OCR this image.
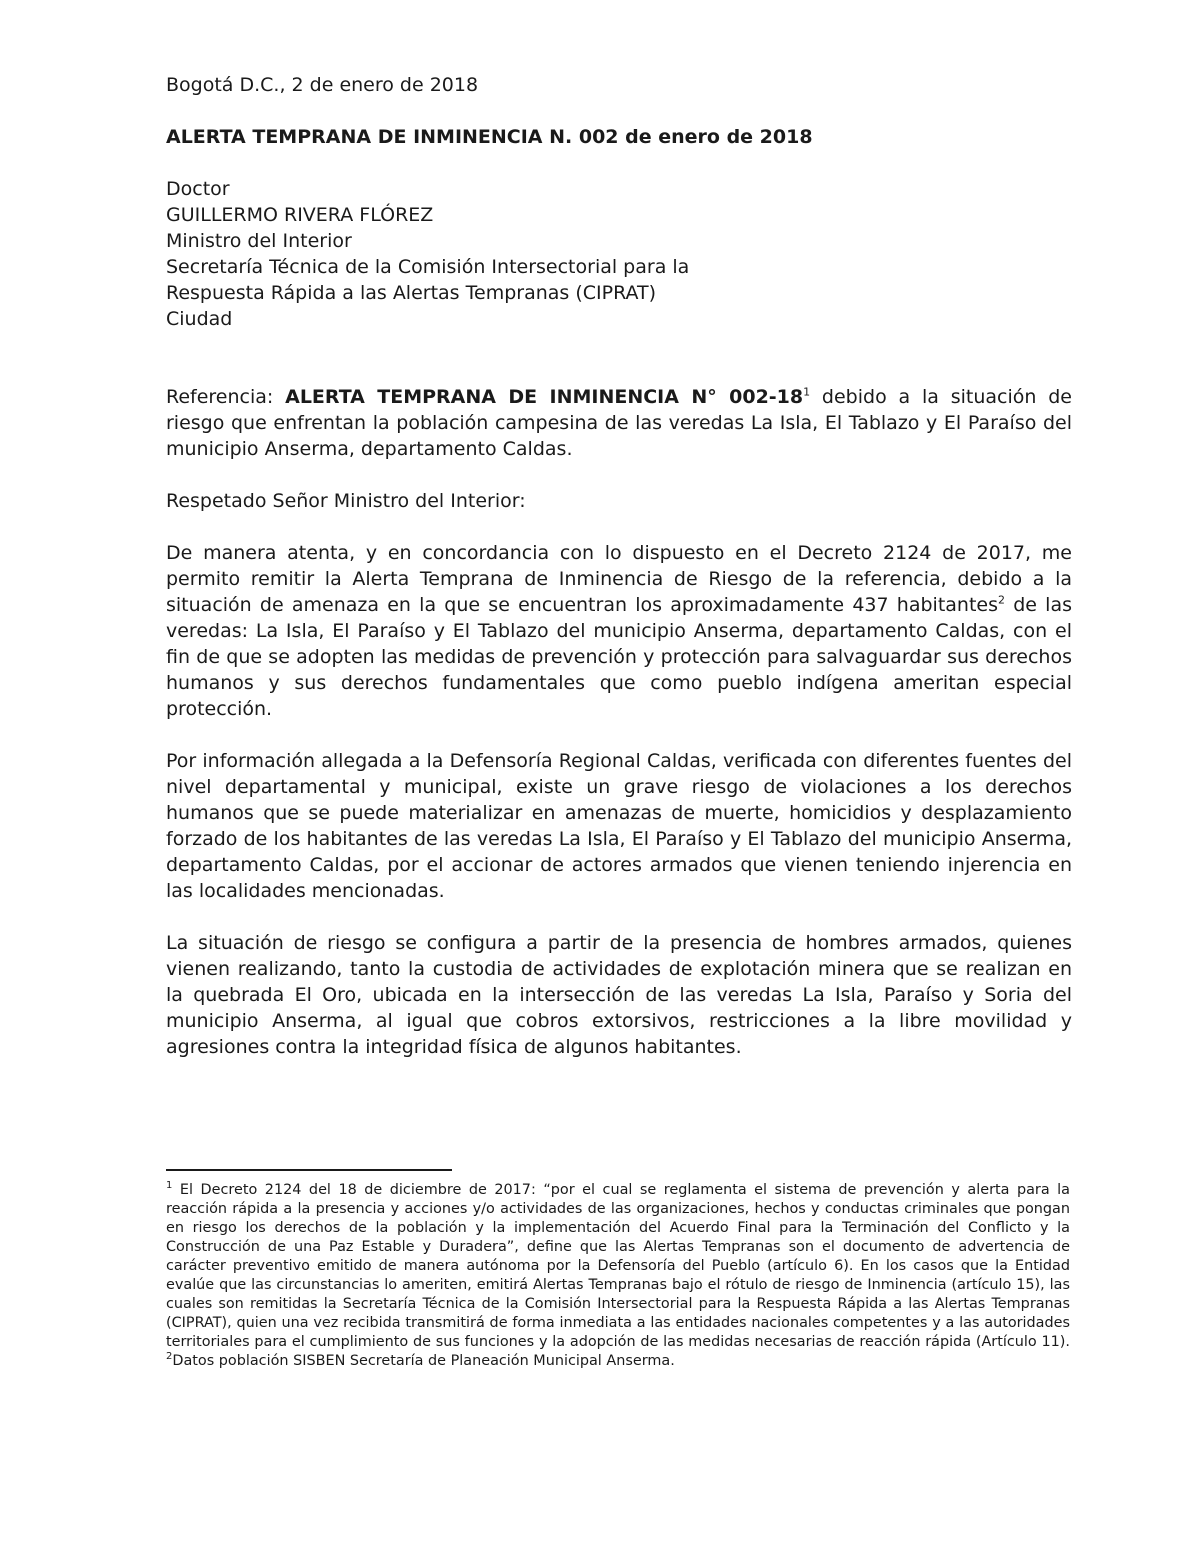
Bogotá D.C., 2 de enero de 2018

ALERTA TEMPRANA DE INMINENCIA N. 002 de enero de 2018

Doctor

GUILLERMO RIVERA FLÓREZ

Ministro del Interior

Secretaría Técnica de la Comisión Intersectorial para la

Respuesta Rápida a las Alertas Tempranas (CIPRAT)

Ciudad

Referencia: ALERTA TEMPRANA DE INMINENCIA N° $002-18^1$ debido a la situación de riesgo que enfrentan la población campesina de las veredas La Isla, El Tablazo y El Paraíso del municipio Anserma, departamento Caldas.

Respetado Señor Ministro del Interior:

De manera atenta, y en concordancia con lo dispuesto en el Decreto 2124 de 2017, me permito remitir la Alerta Temprana de Inminencia de Riesgo de la referencia, debido a la situación de amenaza en la que se encuentran los aproximadamente 437 habitantes$^2$ de las veredas: La Isla, El Paraíso y El Tablazo del municipio Anserma, departamento Caldas, con el fin de que se adopten las medidas de prevención y protección para salvaguardar sus derechos humanos y sus derechos fundamentales que como pueblo indígena ameritan especial protección.

Por información allegada a la Defensoría Regional Caldas, verificada con diferentes fuentes del nivel departamental y municipal, existe un grave riesgo de violaciones a los derechos humanos que se puede materializar en amenazas de muerte, homicidios y desplazamiento forzado de los habitantes de las veredas La Isla, El Paraíso y El Tablazo del municipio Anserma, departamento Caldas, por el accionar de actores armados que vienen teniendo injerencia en las localidades mencionadas.

La situación de riesgo se configura a partir de la presencia de hombres armados, quienes vienen realizando, tanto la custodia de actividades de explotación minera que se realizan en la quebrada El Oro, ubicada en la intersección de las veredas La Isla, Paraíso y Soria del municipio Anserma, al igual que cobros extorsivos, restricciones a la libre movilidad y agresiones contra la integridad física de algunos habitantes.

$^1$ El Decreto 2124 del 18 de diciembre de 2017: “por el cual se reglamenta el sistema de prevención y alerta para la reacción rápida a la presencia y acciones y/o actividades de las organizaciones, hechos y conductas criminales que pongan en riesgo los derechos de la población y la implementación del Acuerdo Final para la Terminación del Conflicto y la Construcción de una Paz Estable y Duradera”, define que las Alertas Tempranas son el documento de advertencia de carácter preventivo emitido de manera autónoma por la Defensoría del Pueblo (artículo 6). En los casos que la Entidad evalúe que las circunstancias lo ameriten, emitirá Alertas Tempranas bajo el rótulo de riesgo de Inminencia (artículo 15), las cuales son remitidas la Secretaría Técnica de la Comisión Intersectorial para la Respuesta Rápida a las Alertas Tempranas (CIPRAT), quien una vez recibida transmitirá de forma inmediata a las entidades nacionales competentes y a las autoridades territoriales para el cumplimiento de sus funciones y la adopción de las medidas necesarias de reacción rápida (Artículo 11). $^2$Datos población SISBEN Secretaría de Planeación Municipal Anserma.
